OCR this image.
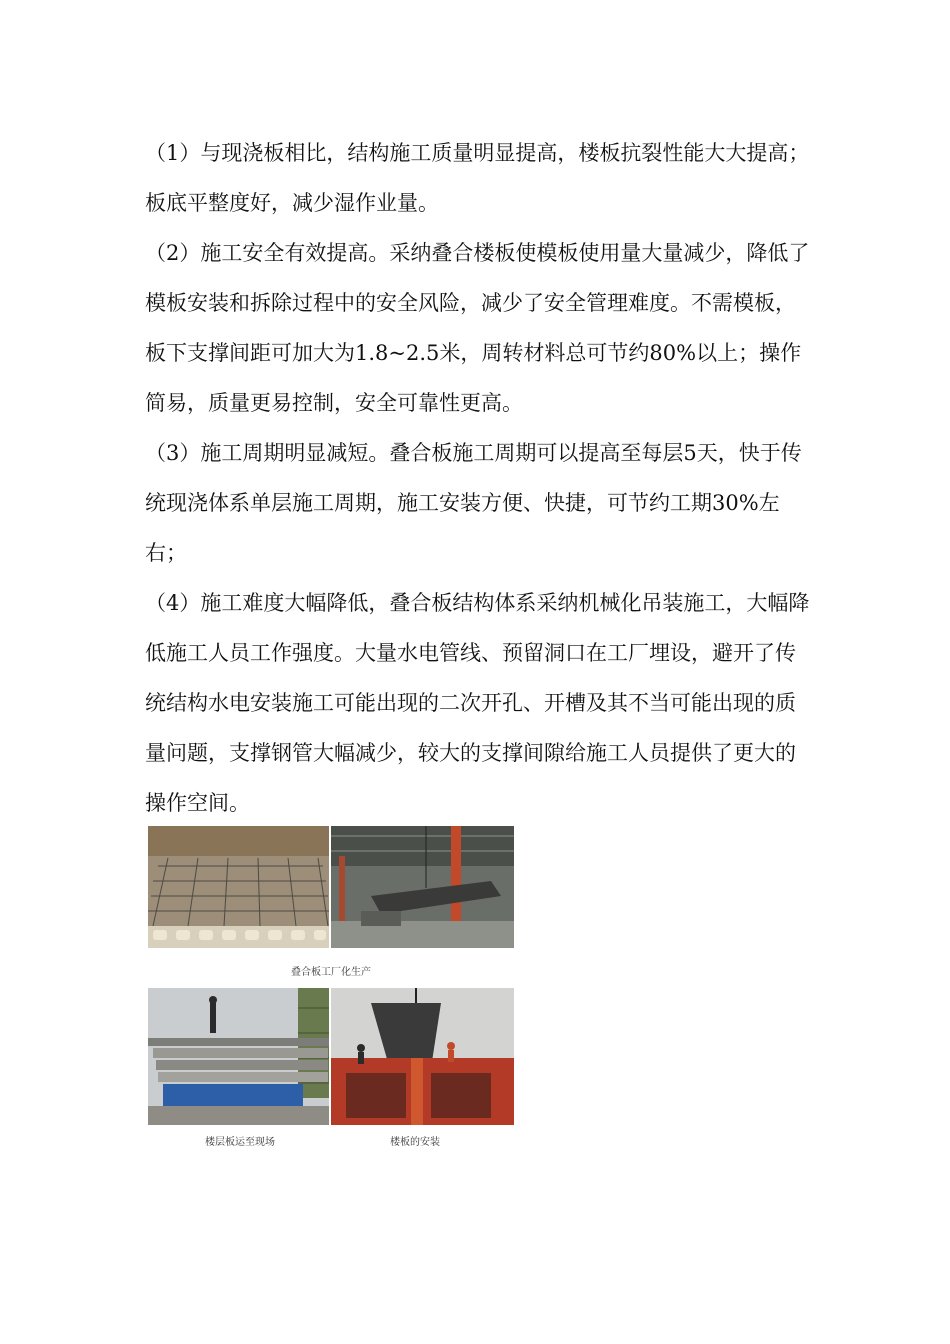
（1）与现浇板相比，结构施工质量明显提高，楼板抗裂性能大大提高；板底平整度好，减少湿作业量。

（2）施工安全有效提高。采纳叠合楼板使模板使用量大量减少，降低了模板安装和拆除过程中的安全风险，减少了安全管理难度。不需模板，板下支撑间距可加大为1.8~2.5米，周转材料总可节约80%以上；操作简易，质量更易控制，安全可靠性更高。

（3）施工周期明显减短。叠合板施工周期可以提高至每层5天，快于传统现浇体系单层施工周期，施工安装方便、快捷，可节约工期30%左右；

（4）施工难度大幅降低，叠合板结构体系采纳机械化吊装施工，大幅降低施工人员工作强度。大量水电管线、预留洞口在工厂埋设，避开了传统结构水电安装施工可能出现的二次开孔、开槽及其不当可能出现的质量问题，支撑钢管大幅减少，较大的支撑间隙给施工人员提供了更大的操作空间。

叠合板工厂化生产
楼层板运至现场	楼板的安装
